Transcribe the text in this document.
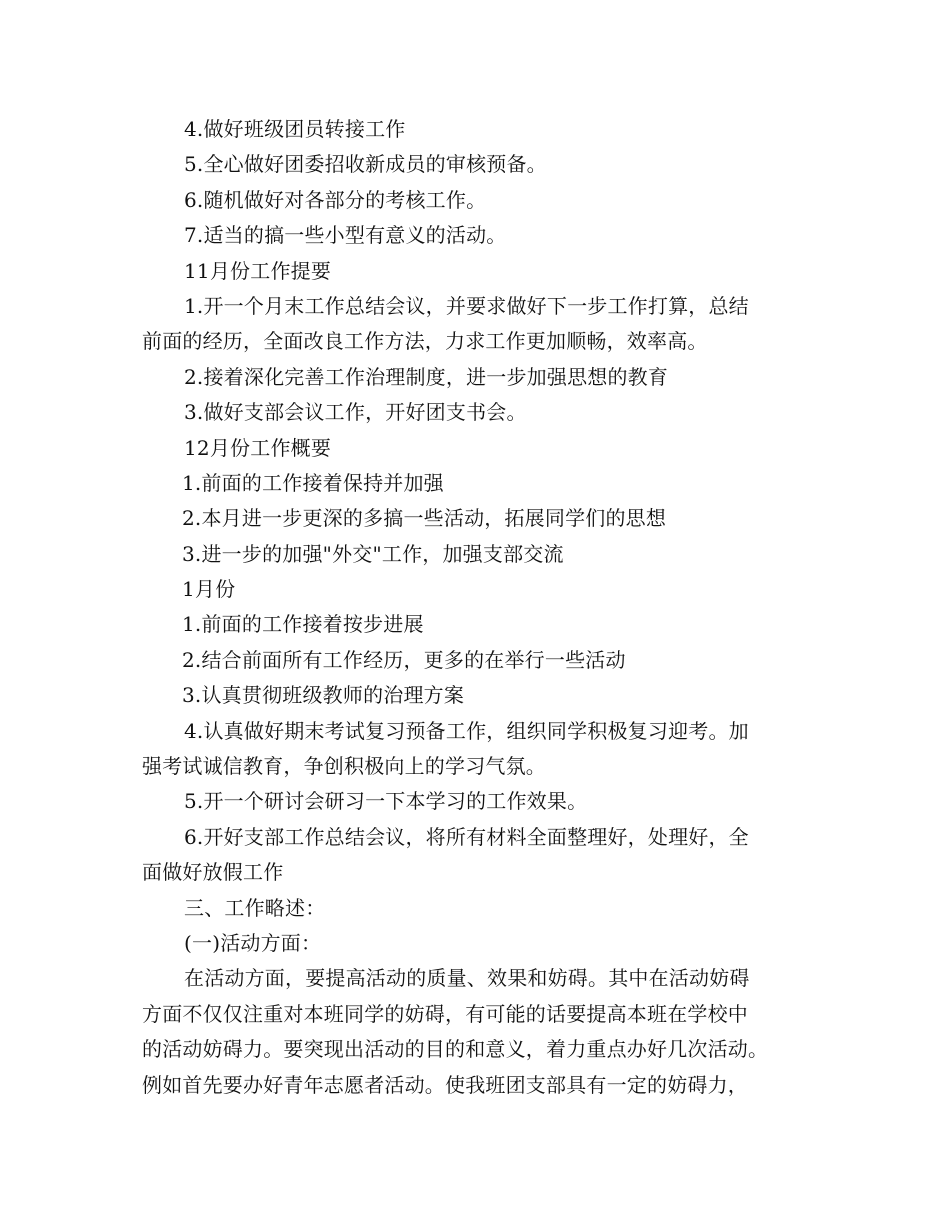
4.做好班级团员转接工作
5.全心做好团委招收新成员的审核预备。
6.随机做好对各部分的考核工作。
7.适当的搞一些小型有意义的活动。
11月份工作提要
1.开一个月末工作总结会议，并要求做好下一步工作打算，总结
前面的经历，全面改良工作方法，力求工作更加顺畅，效率高。
2.接着深化完善工作治理制度，进一步加强思想的教育
3.做好支部会议工作，开好团支书会。
12月份工作概要
1.前面的工作接着保持并加强
2.本月进一步更深的多搞一些活动，拓展同学们的思想
3.进一步的加强"外交"工作，加强支部交流
1月份
1.前面的工作接着按步进展
2.结合前面所有工作经历，更多的在举行一些活动
3.认真贯彻班级教师的治理方案
4.认真做好期末考试复习预备工作，组织同学积极复习迎考。加
强考试诚信教育，争创积极向上的学习气氛。
5.开一个研讨会研习一下本学习的工作效果。
6.开好支部工作总结会议，将所有材料全面整理好，处理好，全
面做好放假工作
三、工作略述：
(一)活动方面：
在活动方面，要提高活动的质量、效果和妨碍。其中在活动妨碍
方面不仅仅注重对本班同学的妨碍，有可能的话要提高本班在学校中
的活动妨碍力。要突现出活动的目的和意义，着力重点办好几次活动。
例如首先要办好青年志愿者活动。使我班团支部具有一定的妨碍力，
